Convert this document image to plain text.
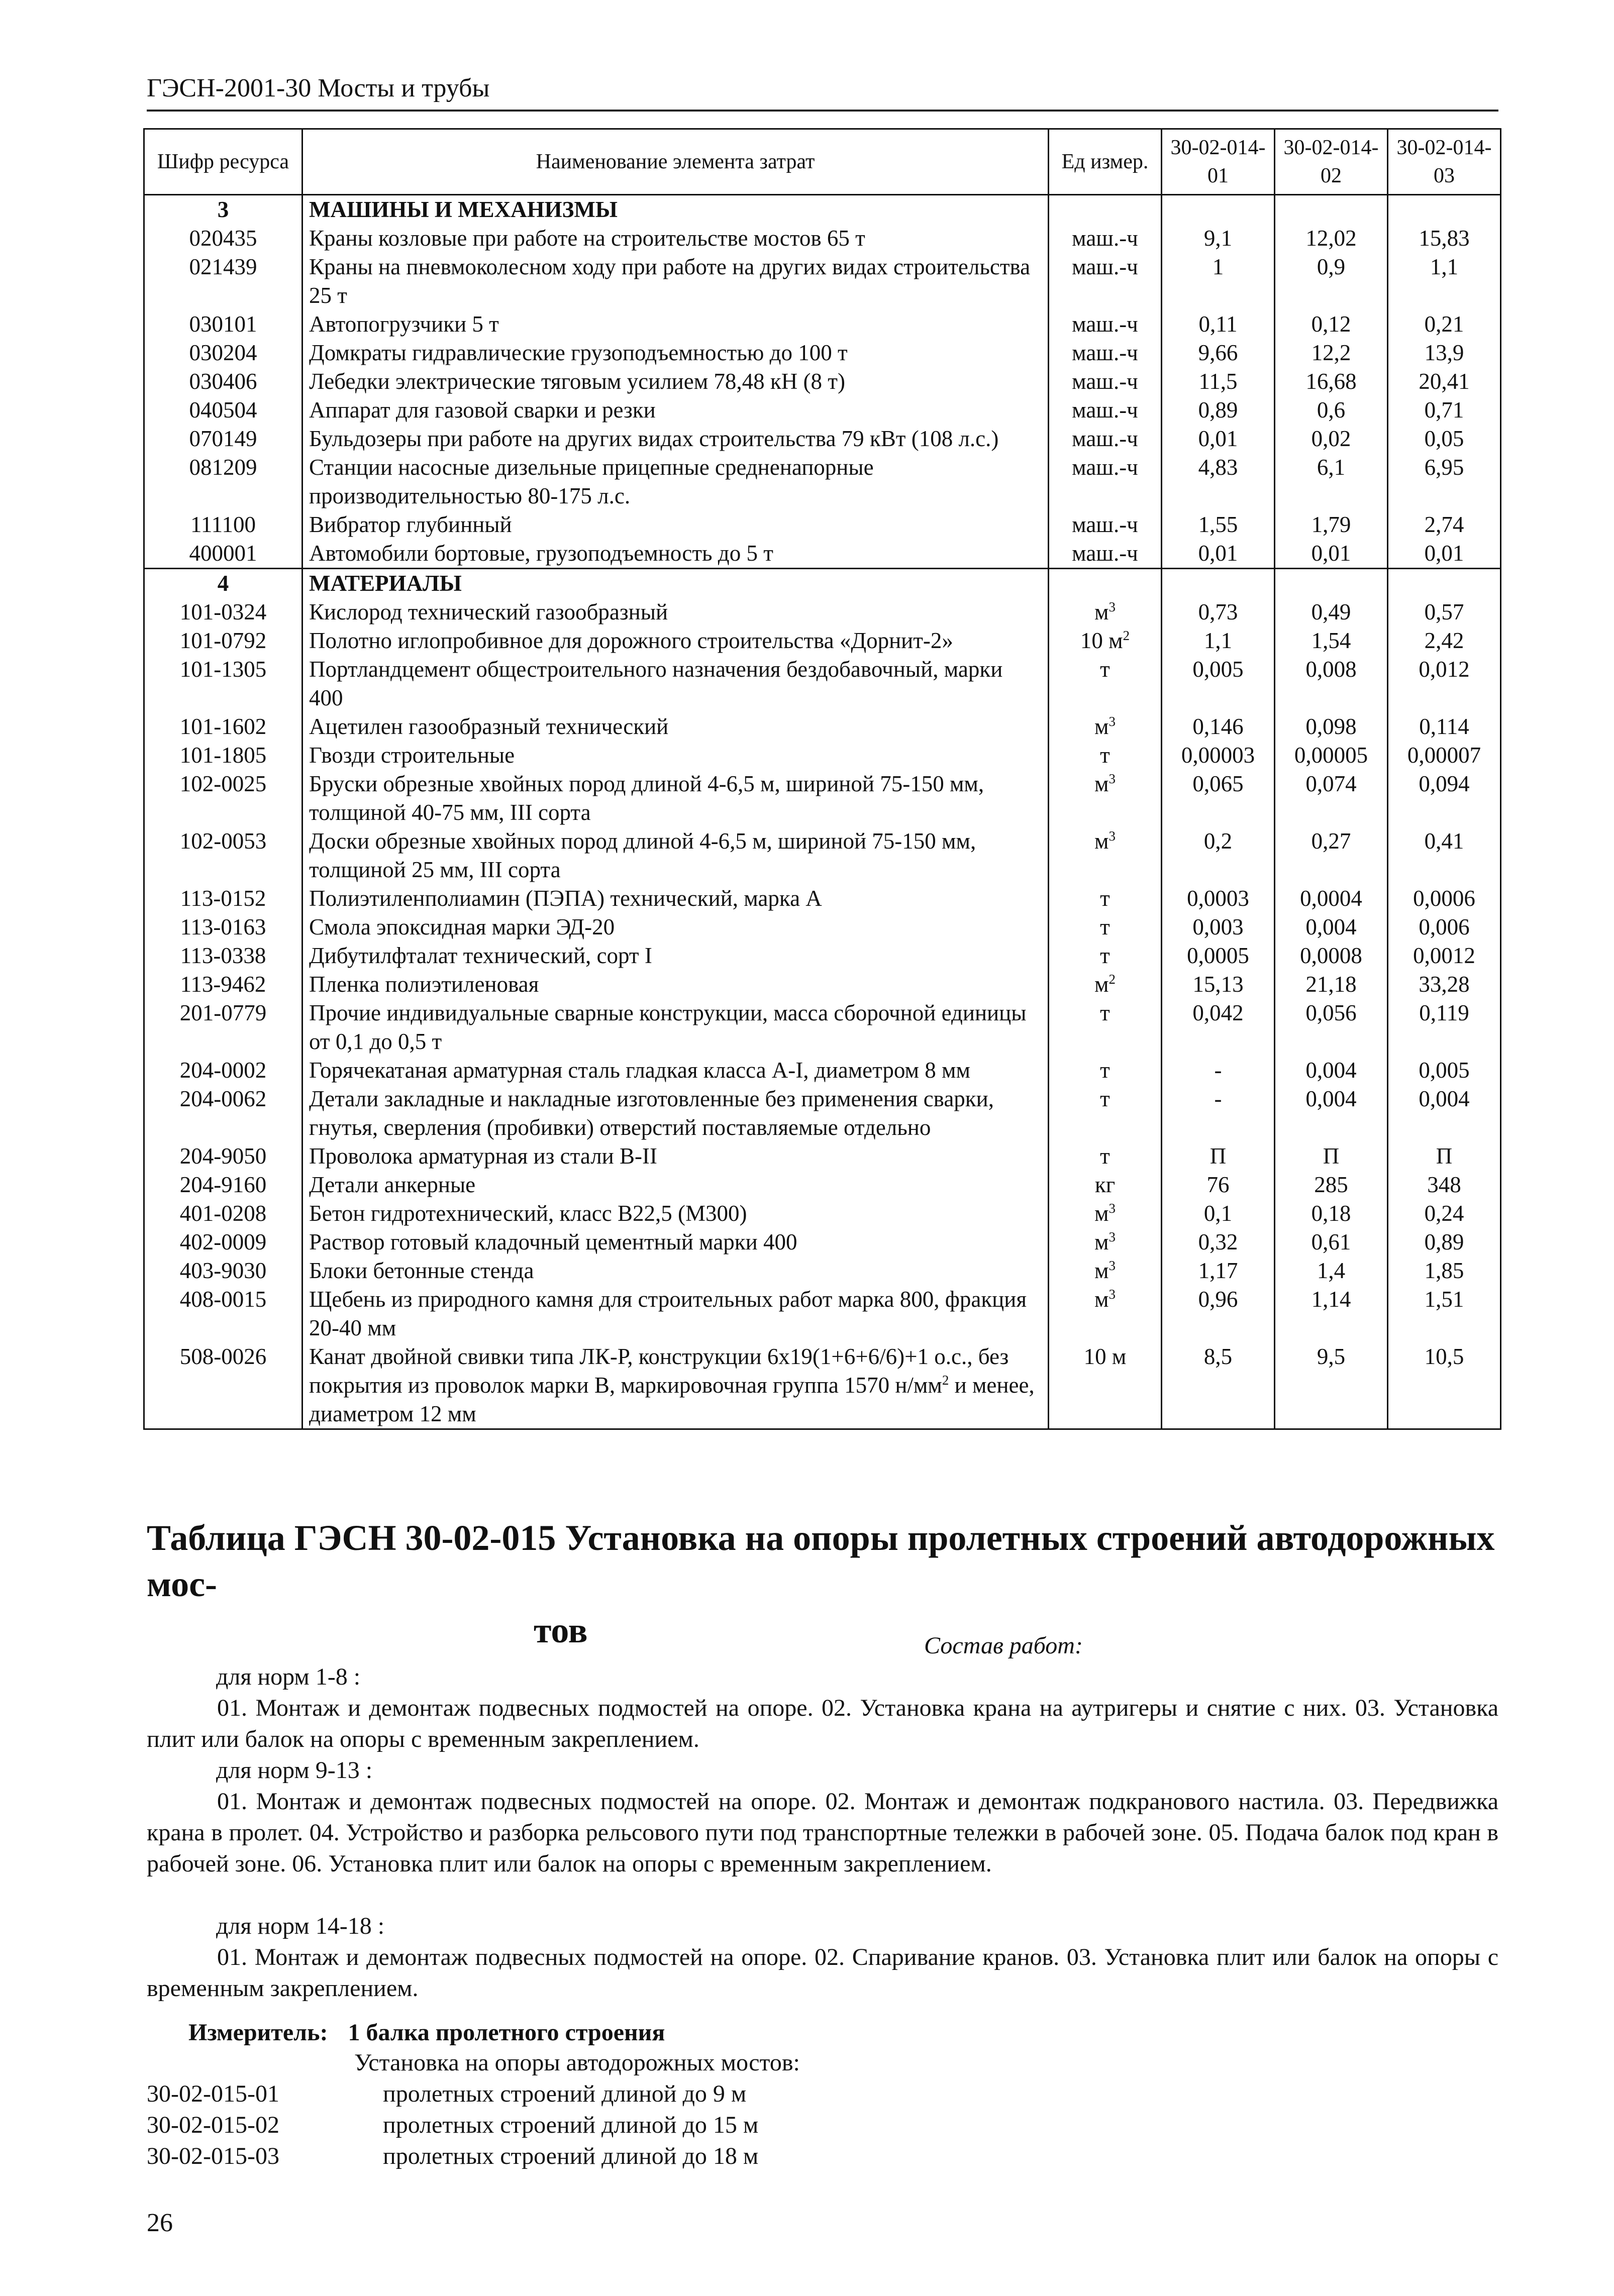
ГЭСН-2001-30 Мосты и трубы
Шифр ресурса	Наименование элемента затрат	Ед измер.	30-02-014-01	30-02-014-02	30-02-014-03
3	МАШИНЫ И МЕХАНИЗМЫ				
020435	Краны козловые при работе на строительстве мостов 65 т	маш.-ч	9,1	12,02	15,83
021439	Краны на пневмоколесном ходу при работе на других видах строительства 25 т	маш.-ч	1	0,9	1,1
030101	Автопогрузчики 5 т	маш.-ч	0,11	0,12	0,21
030204	Домкраты гидравлические грузоподъемностью до 100 т	маш.-ч	9,66	12,2	13,9
030406	Лебедки электрические тяговым усилием 78,48 кН (8 т)	маш.-ч	11,5	16,68	20,41
040504	Аппарат для газовой сварки и резки	маш.-ч	0,89	0,6	0,71
070149	Бульдозеры при работе на других видах строительства 79 кВт (108 л.с.)	маш.-ч	0,01	0,02	0,05
081209	Станции насосные дизельные прицепные средненапорные производительностью 80-175 л.с.	маш.-ч	4,83	6,1	6,95
111100	Вибратор глубинный	маш.-ч	1,55	1,79	2,74
400001	Автомобили бортовые, грузоподъемность до 5 т	маш.-ч	0,01	0,01	0,01
4	МАТЕРИАЛЫ				
101-0324	Кислород технический газообразный	$м^3$	0,73	0,49	0,57
101-0792	Полотно иглопробивное для дорожного строительства «Дорнит-2»	10 $м^2$	1,1	1,54	2,42
101-1305	Портландцемент общестроительного назначения бездобавочный, марки 400	т	0,005	0,008	0,012
101-1602	Ацетилен газообразный технический	$м^3$	0,146	0,098	0,114
101-1805	Гвозди строительные	т	0,00003	0,00005	0,00007
102-0025	Бруски обрезные хвойных пород длиной 4-6,5 м, шириной 75-150 мм, толщиной 40-75 мм, III сорта	$м^3$	0,065	0,074	0,094
102-0053	Доски обрезные хвойных пород длиной 4-6,5 м, шириной 75-150 мм, толщиной 25 мм, III сорта	$м^3$	0,2	0,27	0,41
113-0152	Полиэтиленполиамин (ПЭПА) технический, марка А	т	0,0003	0,0004	0,0006
113-0163	Смола эпоксидная марки ЭД-20	т	0,003	0,004	0,006
113-0338	Дибутилфталат технический, сорт I	т	0,0005	0,0008	0,0012
113-9462	Пленка полиэтиленовая	$м^2$	15,13	21,18	33,28
201-0779	Прочие индивидуальные сварные конструкции, масса сборочной единицы от 0,1 до 0,5 т	т	0,042	0,056	0,119
204-0002	Горячекатаная арматурная сталь гладкая класса А-I, диаметром 8 мм	т	-	0,004	0,005
204-0062	Детали закладные и накладные изготовленные без применения сварки, гнутья, сверления (пробивки) отверстий поставляемые отдельно	т	-	0,004	0,004
204-9050	Проволока арматурная из стали В-II	т	П	П	П
204-9160	Детали анкерные	кг	76	285	348
401-0208	Бетон гидротехнический, класс В22,5 (М300)	$м^3$	0,1	0,18	0,24
402-0009	Раствор готовый кладочный цементный марки 400	$м^3$	0,32	0,61	0,89
403-9030	Блоки бетонные стенда	$м^3$	1,17	1,4	1,85
408-0015	Щебень из природного камня для строительных работ марка 800, фракция 20-40 мм	$м^3$	0,96	1,14	1,51
508-0026	Канат двойной свивки типа ЛК-Р, конструкции 6х19(1+6+6/6)+1 о.с., без покрытия из проволок марки В, маркировочная группа 1570 $н/мм^2$ и менее, диаметром 12 мм	10 м	8,5	9,5	10,5
Таблица ГЭСН 30-02-015 Установка на опоры пролетных строений автодорожных мос-
тов	Состав работ:
для норм 1-8 :
01. Монтаж и демонтаж подвесных подмостей на опоре. 02. Установка крана на аутригеры и снятие с них. 03. Установка плит или балок на опоры с временным закреплением.
для норм 9-13 :
01. Монтаж и демонтаж подвесных подмостей на опоре. 02. Монтаж и демонтаж подкранового настила. 03. Передвижка крана в пролет. 04. Устройство и разборка рельсового пути под транспортные тележки в рабочей зоне. 05. Подача балок под кран в рабочей зоне. 06. Установка плит или балок на опоры с временным закреплением.
для норм 14-18 :
01. Монтаж и демонтаж подвесных подмостей на опоре. 02. Спаривание кранов. 03. Установка плит или балок на опоры с временным закреплением.
Измеритель: 1 балка пролетного строения
Установка на опоры автодорожных мостов:
30-02-015-01	пролетных строений длиной до 9 м
30-02-015-02	пролетных строений длиной до 15 м
30-02-015-03	пролетных строений длиной до 18 м
26
